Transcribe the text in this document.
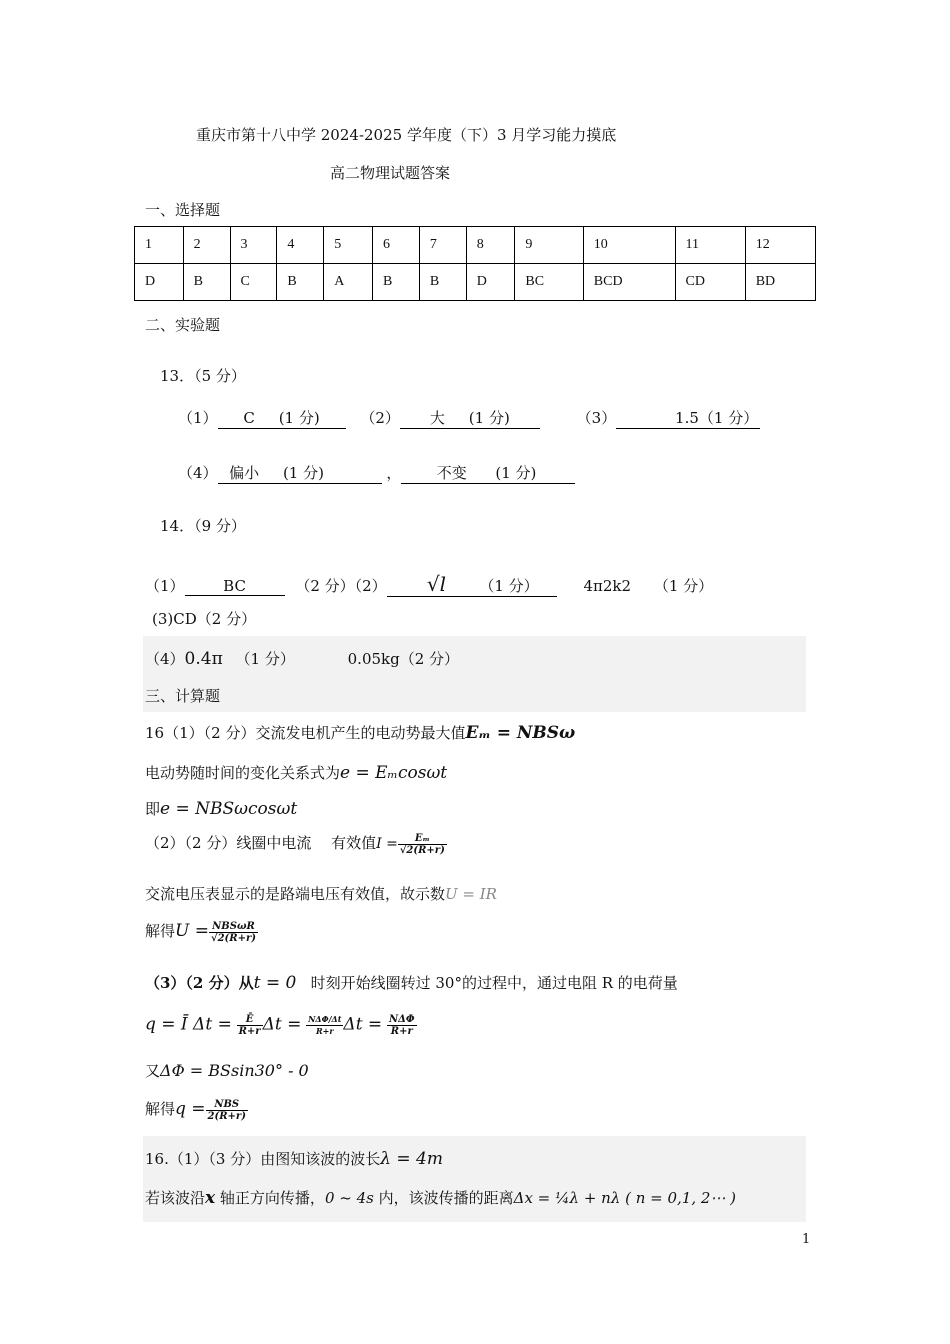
重庆市第十八中学 2024-2025 学年度（下）3 月学习能力摸底
高二物理试题答案
一、选择题
1	2	3	4	5	6	7	8	9	10	11	12
D	B	C	B	A	B	B	D	BC	BCD	CD	BD
二、实验题
13．（5 分）
（1） C (1 分)	（2） 大 (1 分)	（3）	1.5（1 分）
（4） 偏小 (1 分)	， 不变 (1 分)
14．（9 分）
（1）	BC	（2 分）（2） √l （1 分）	4π2k2 （1 分）
(3)CD（2 分）
（4）0.4π （1 分）	0.05kg（2 分）
三、计算题
16（1）（2 分）交流发电机产生的电动势最大值Eₘ = NBSω
电动势随时间的变化关系式为e = Eₘcosωt
即e = NBSωcosωt
（2）（2 分）线圈中电流　 有效值$I = \frac{\text{Eₘ}}{√2(R+r)}$
交流电压表显示的是路端电压有效值，故示数U = IR
解得$U = \frac{\text{NBSωR}}{√2(R+r)}$
（3）（2 分）从t = 0 时刻开始线圈转过 30°的过程中，通过电阻 R 的电荷量
q = Ī $\Delta t = \frac{Ē}{R+r}$ $\Delta t = \frac{\text{NΔΦ/Δt}}{R+r}$ $\Delta t = \frac{\text{NΔΦ}}{R+r}$
又ΔΦ = BSsin30° - 0
解得$q = \frac{\text{NBS}}{2(R+r)}$
16.（1）（3 分）由图知该波的波长λ = 4m
若该波沿x 轴正方向传播，0 ~ 4s 内，该波传播的距离Δx = ¼λ + nλ ( n = 0,1, 2⋯ )
1
